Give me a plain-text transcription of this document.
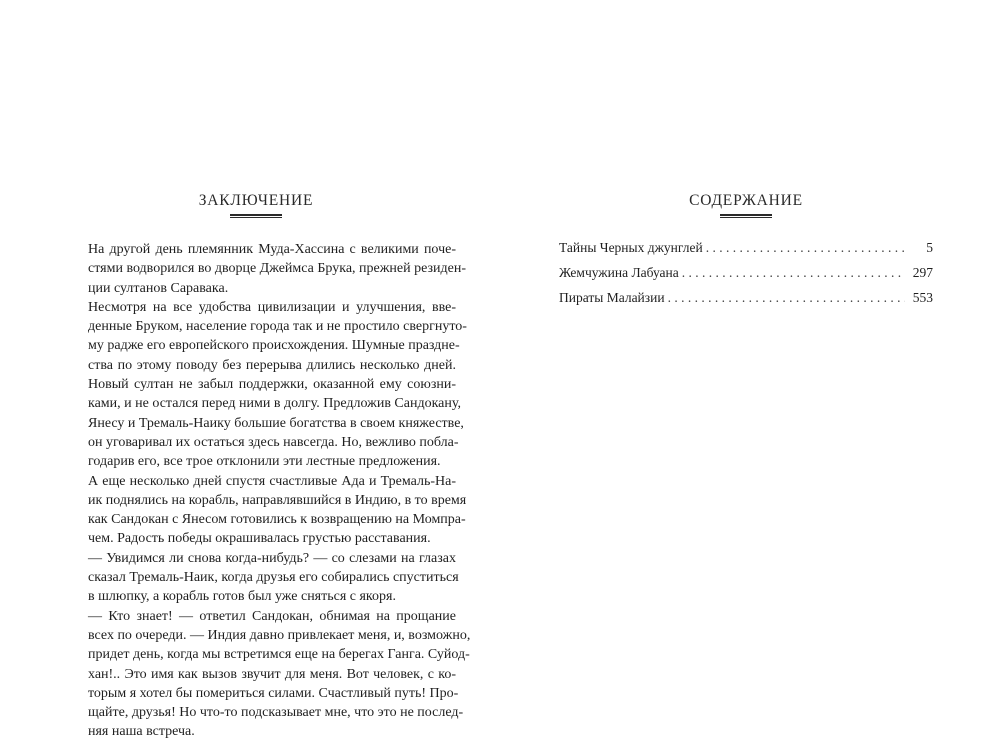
ЗАКЛЮЧЕНИЕ
На другой день племянник Муда-Хассина с великими поче-
стями водворился во дворце Джеймса Брука, прежней резиден-
ции султанов Саравака.
Несмотря на все удобства цивилизации и улучшения, вве-
денные Бруком, население города так и не простило свергнуто-
му радже его европейского происхождения. Шумные праздне-
ства по этому поводу без перерыва длились несколько дней.
Новый султан не забыл поддержки, оказанной ему союзни-
ками, и не остался перед ними в долгу. Предложив Сандокану,
Янесу и Тремаль-Наику большие богатства в своем княжестве,
он уговаривал их остаться здесь навсегда. Но, вежливо побла-
годарив его, все трое отклонили эти лестные предложения.
А еще несколько дней спустя счастливые Ада и Тремаль-На-
ик поднялись на корабль, направлявшийся в Индию, в то время
как Сандокан с Янесом готовились к возвращению на Момпра-
чем. Радость победы окрашивалась грустью расставания.
— Увидимся ли снова когда-нибудь? — со слезами на глазах
сказал Тремаль-Наик, когда друзья его собирались спуститься
в шлюпку, а корабль готов был уже сняться с якоря.
— Кто знает! — ответил Сандокан, обнимая на прощание
всех по очереди. — Индия давно привлекает меня, и, возможно,
придет день, когда мы встретимся еще на берегах Ганга. Суйод-
хан!.. Это имя как вызов звучит для меня. Вот человек, с ко-
торым я хотел бы помериться силами. Счастливый путь! Про-
щайте, друзья! Но что-то подсказывает мне, что это не послед-
няя наша встреча.
СОДЕРЖАНИЕ
Тайны Черных джунглей . . .	5
Жемчужина Лабуана . . .	297
Пираты Малайзии . . .	553
